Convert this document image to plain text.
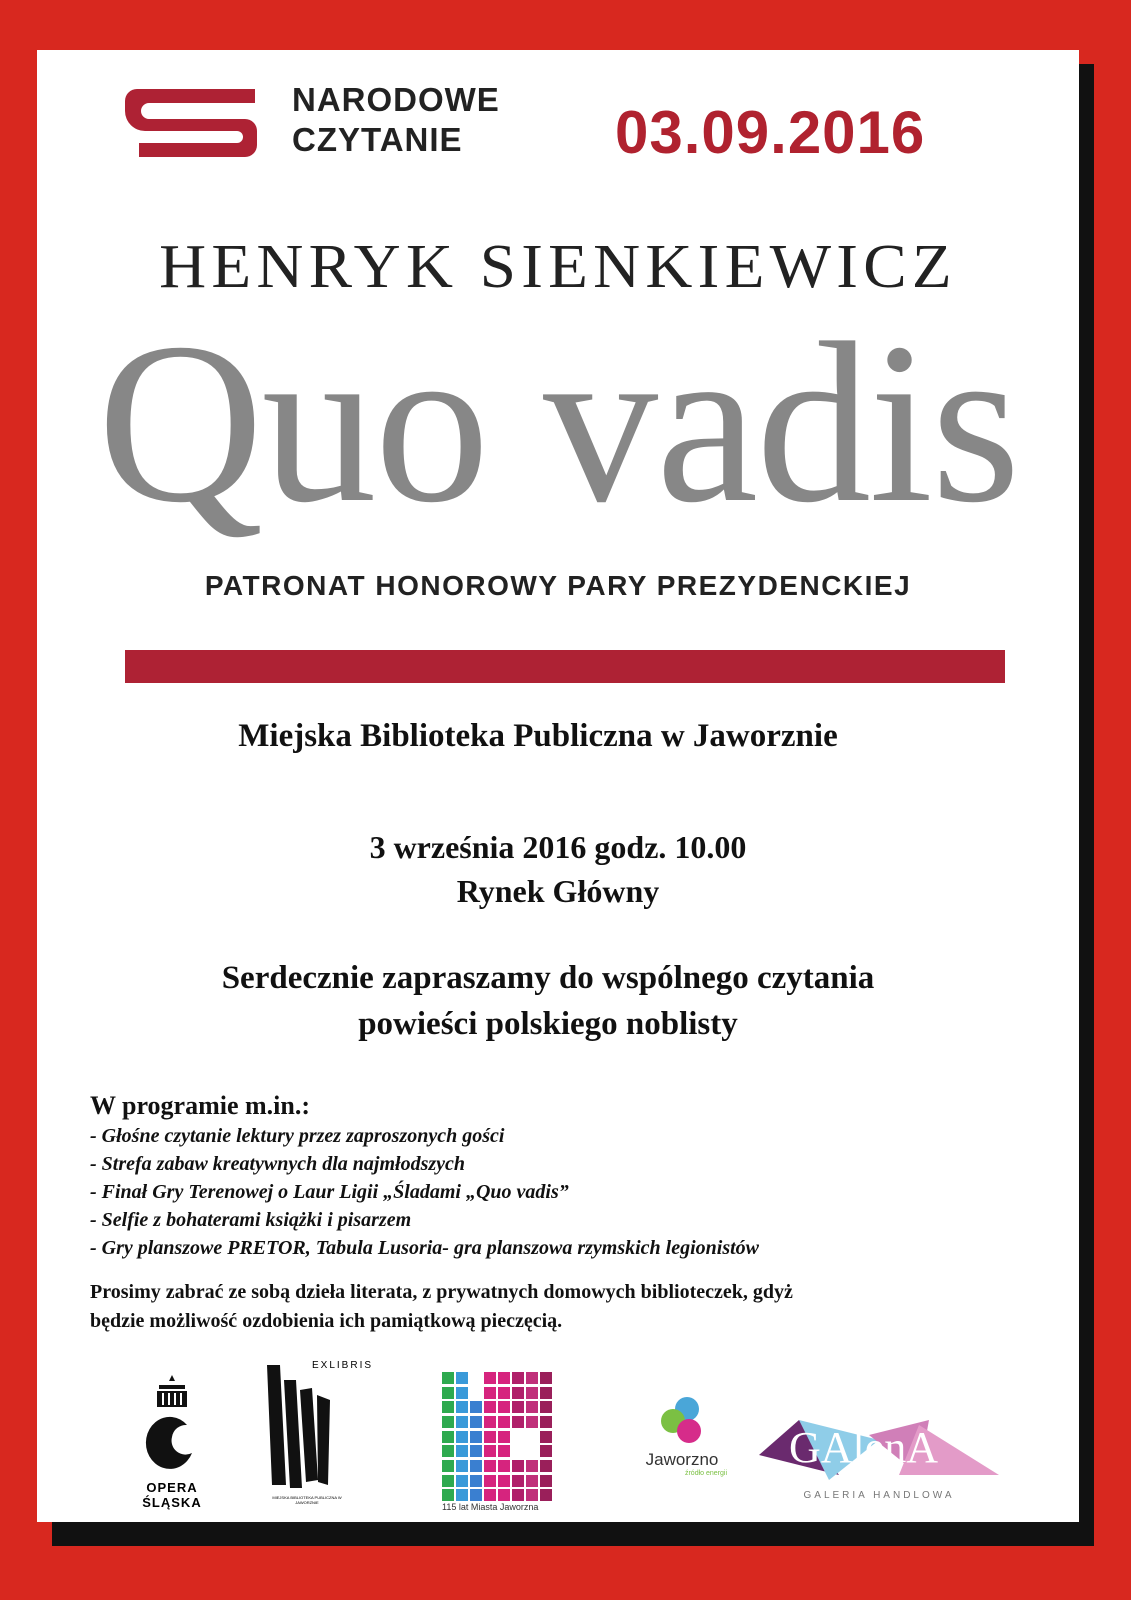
NARODOWE
CZYTANIE	03.09.2016
HENRYK SIENKIEWICZ
Quo vadis
PATRONAT HONOROWY PARY PREZYDENCKIEJ
Miejska Biblioteka Publiczna w Jaworznie
3 września 2016 godz. 10.00
Rynek Główny
Serdecznie zapraszamy do wspólnego czytania
powieści polskiego noblisty
W programie m.in.:
- Głośne czytanie lektury przez zaproszonych gości
- Strefa zabaw kreatywnych dla najmłodszych
- Finał Gry Terenowej o Laur Ligii „Śladami „Quo vadis”
- Selfie z bohaterami książki i pisarzem
- Gry planszowe PRETOR, Tabula Lusoria- gra planszowa rzymskich legionistów
Prosimy zabrać ze sobą dzieła literata, z prywatnych domowych biblioteczek, gdyż
będzie możliwość ozdobienia ich pamiątkową pieczęcią.
OPERA ŚLĄSKA
EXLIBRIS
MIEJSKA BIBLIOTEKA PUBLICZNA W JAWORZNIE	115 lat Miasta Jaworzna
Jaworzno
źródło energii
GAlenA
GALERIA HANDLOWA
